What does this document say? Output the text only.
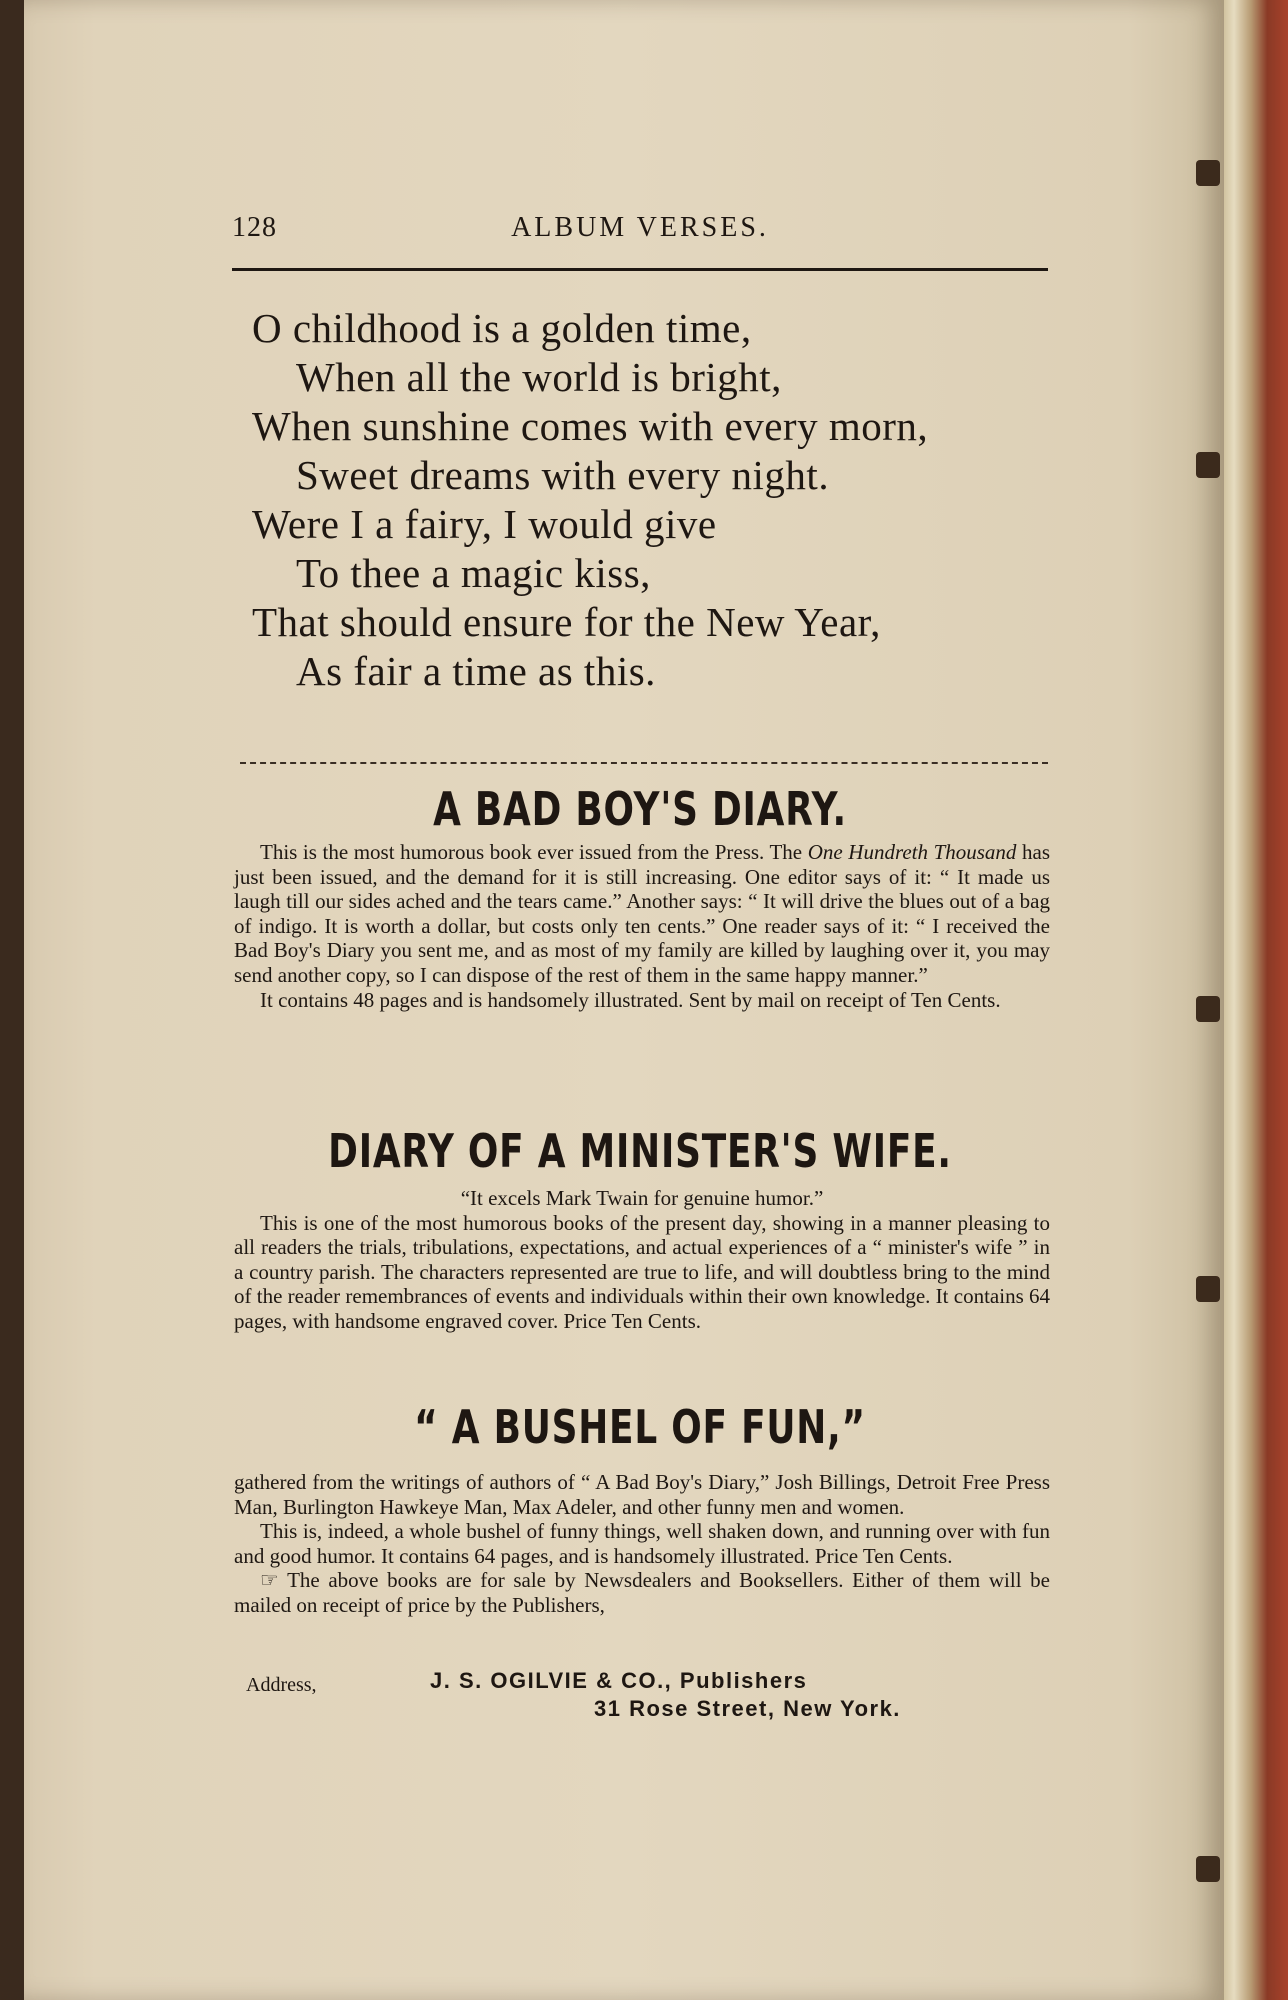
128	ALBUM VERSES.
O childhood is a golden time,
When all the world is bright,
When sunshine comes with every morn,
Sweet dreams with every night.
Were I a fairy, I would give
To thee a magic kiss,
That should ensure for the New Year,
As fair a time as this.
A BAD BOY'S DIARY.

This is the most humorous book ever issued from the Press. The One Hundreth Thousand has just been issued, and the demand for it is still increasing. One editor says of it: “ It made us laugh till our sides ached and the tears came.” Another says: “ It will drive the blues out of a bag of indigo. It is worth a dollar, but costs only ten cents.” One reader says of it: “ I received the Bad Boy's Diary you sent me, and as most of my family are killed by laughing over it, you may send another copy, so I can dispose of the rest of them in the same happy manner.”

It contains 48 pages and is handsomely illustrated. Sent by mail on receipt of Ten Cents.

DIARY OF A MINISTER'S WIFE.

“It excels Mark Twain for genuine humor.”

This is one of the most humorous books of the present day, showing in a manner pleasing to all readers the trials, tribulations, expectations, and actual experiences of a “ minister's wife ” in a country parish. The characters represented are true to life, and will doubtless bring to the mind of the reader remembrances of events and individuals within their own knowledge. It contains 64 pages, with handsome engraved cover. Price Ten Cents.

“ A BUSHEL OF FUN,”

gathered from the writings of authors of “ A Bad Boy's Diary,” Josh Billings, Detroit Free Press Man, Burlington Hawkeye Man, Max Adeler, and other funny men and women.

This is, indeed, a whole bushel of funny things, well shaken down, and running over with fun and good humor. It contains 64 pages, and is handsomely illustrated. Price Ten Cents.

☞ The above books are for sale by Newsdealers and Booksellers. Either of them will be mailed on receipt of price by the Publishers,

Address,	J. S. OGILVIE & CO., Publishers
31 Rose Street, New York.
